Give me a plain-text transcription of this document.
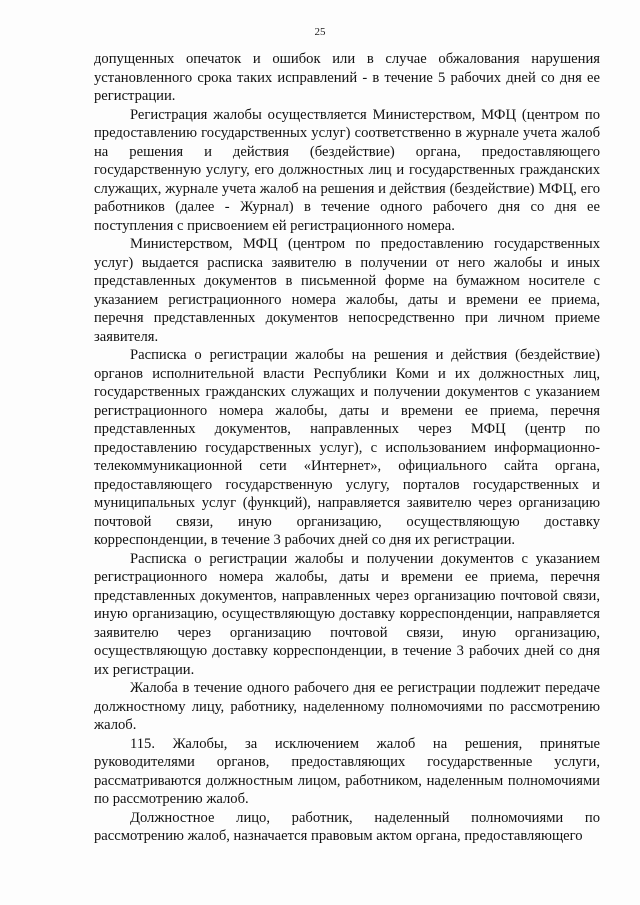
25

допущенных опечаток и ошибок или в случае обжалования нарушения установленного срока таких исправлений - в течение 5 рабочих дней со дня ее регистрации.

Регистрация жалобы осуществляется Министерством, МФЦ (центром по предоставлению государственных услуг) соответственно в журнале учета жалоб на решения и действия (бездействие) органа, предоставляющего государственную услугу, его должностных лиц и государственных гражданских служащих, журнале учета жалоб на решения и действия (бездействие) МФЦ, его работников (далее - Журнал) в течение одного рабочего дня со дня ее поступления с присвоением ей регистрационного номера.

Министерством, МФЦ (центром по предоставлению государственных услуг) выдается расписка заявителю в получении от него жалобы и иных представленных документов в письменной форме на бумажном носителе с указанием регистрационного номера жалобы, даты и времени ее приема, перечня представленных документов непосредственно при личном приеме заявителя.

Расписка о регистрации жалобы на решения и действия (бездействие) органов исполнительной власти Республики Коми и их должностных лиц, государственных гражданских служащих и получении документов с указанием регистрационного номера жалобы, даты и времени ее приема, перечня представленных документов, направленных через МФЦ (центр по предоставлению государственных услуг), с использованием информационно-телекоммуникационной сети «Интернет», официального сайта органа, предоставляющего государственную услугу, порталов государственных и муниципальных услуг (функций), направляется заявителю через организацию почтовой связи, иную организацию, осуществляющую доставку корреспонденции, в течение 3 рабочих дней со дня их регистрации.

Расписка о регистрации жалобы и получении документов с указанием регистрационного номера жалобы, даты и времени ее приема, перечня представленных документов, направленных через организацию почтовой связи, иную организацию, осуществляющую доставку корреспонденции, направляется заявителю через организацию почтовой связи, иную организацию, осуществляющую доставку корреспонденции, в течение 3 рабочих дней со дня их регистрации.

Жалоба в течение одного рабочего дня ее регистрации подлежит передаче должностному лицу, работнику, наделенному полномочиями по рассмотрению жалоб.

115. Жалобы, за исключением жалоб на решения, принятые руководителями органов, предоставляющих государственные услуги, рассматриваются должностным лицом, работником, наделенным полномочиями по рассмотрению жалоб.

Должностное лицо, работник, наделенный полномочиями по рассмотрению жалоб, назначается правовым актом органа, предоставляющего
